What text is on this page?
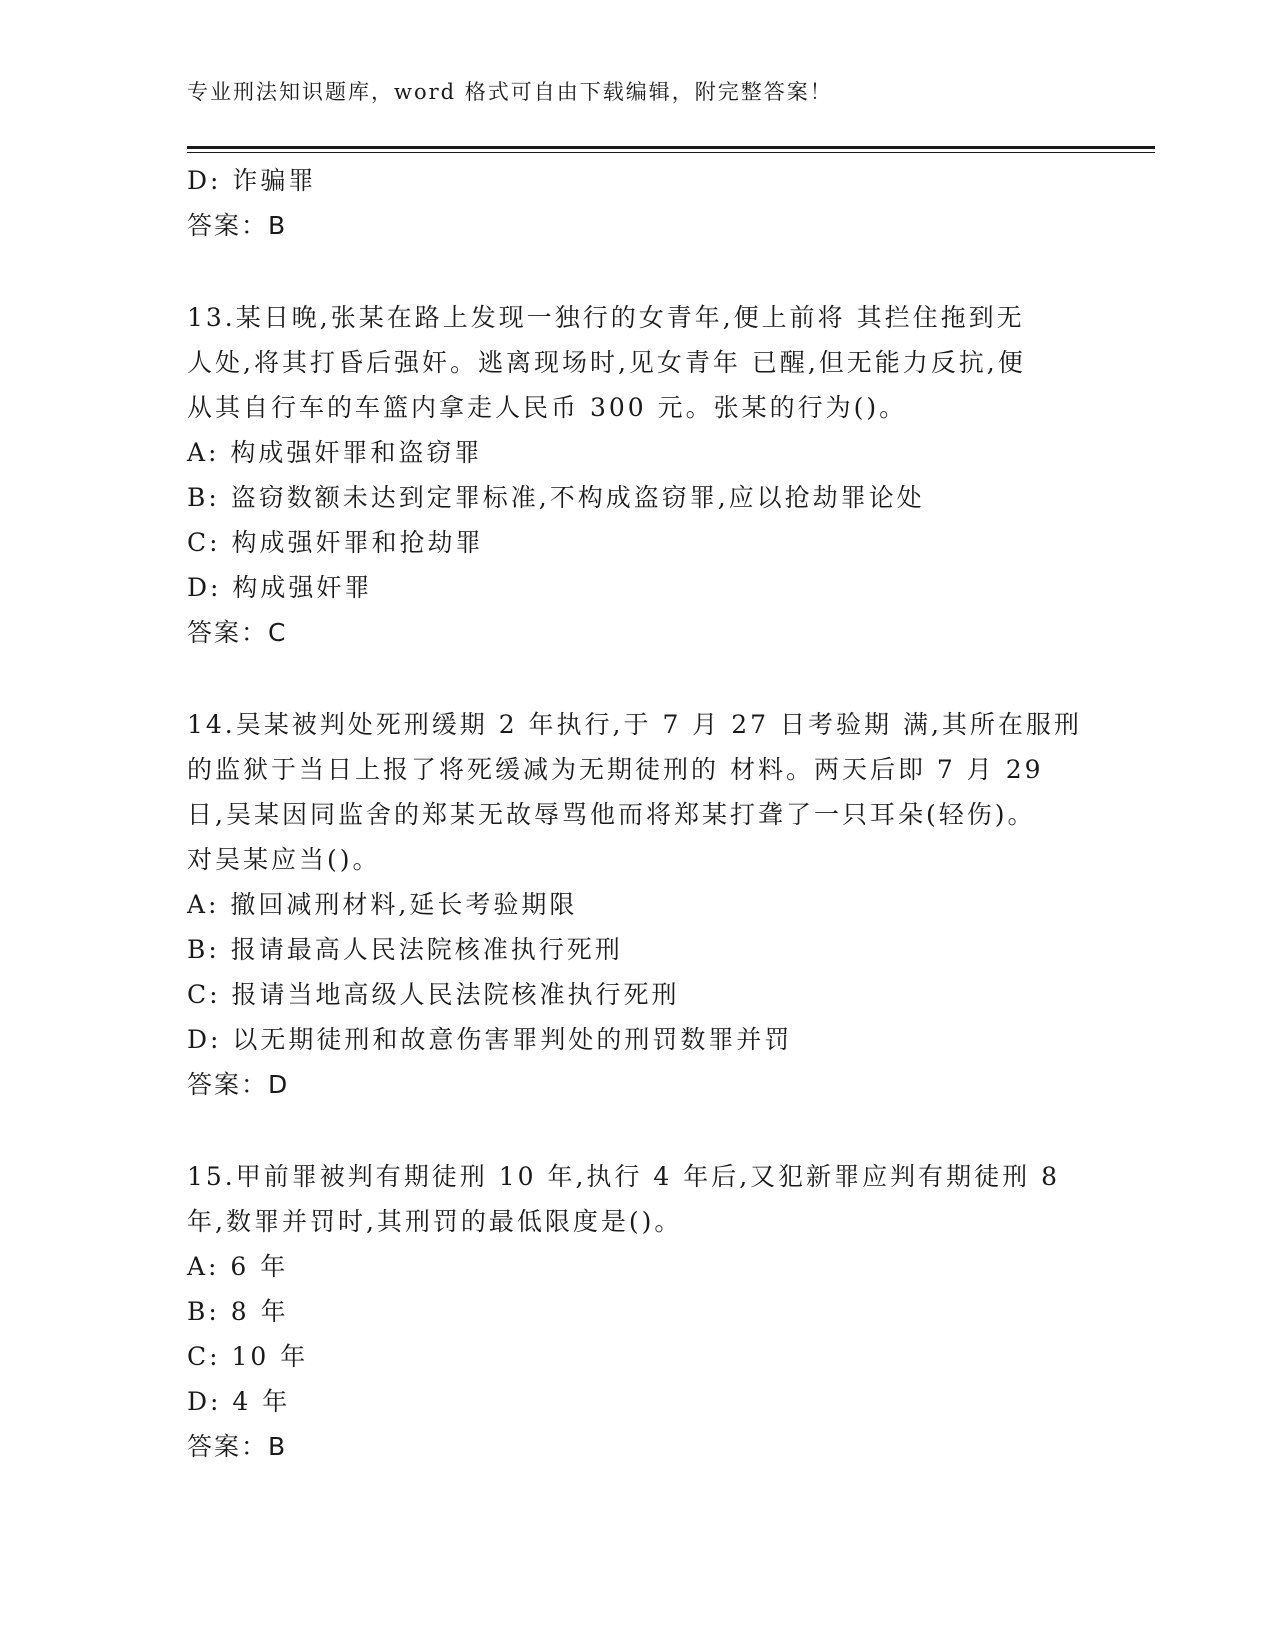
专业刑法知识题库，word 格式可自由下载编辑，附完整答案！
D: 诈骗罪
答案：B
13.某日晚,张某在路上发现一独行的女青年,便上前将 其拦住拖到无
人处,将其打昏后强奸。逃离现场时,见女青年 已醒,但无能力反抗,便
从其自行车的车篮内拿走人民币 300 元。张某的行为()。
A: 构成强奸罪和盗窃罪
B: 盗窃数额未达到定罪标准,不构成盗窃罪,应以抢劫罪论处
C: 构成强奸罪和抢劫罪
D: 构成强奸罪
答案：C
14.吴某被判处死刑缓期 2 年执行,于 7 月 27 日考验期 满,其所在服刑
的监狱于当日上报了将死缓减为无期徒刑的 材料。两天后即 7 月 29
日,吴某因同监舍的郑某无故辱骂他而将郑某打聋了一只耳朵(轻伤)。
对吴某应当()。
A: 撤回减刑材料,延长考验期限
B: 报请最高人民法院核准执行死刑
C: 报请当地高级人民法院核准执行死刑
D: 以无期徒刑和故意伤害罪判处的刑罚数罪并罚
答案：D
15.甲前罪被判有期徒刑 10 年,执行 4 年后,又犯新罪应判有期徒刑 8
年,数罪并罚时,其刑罚的最低限度是()。
A: 6 年
B: 8 年
C: 10 年
D: 4 年
答案：B
